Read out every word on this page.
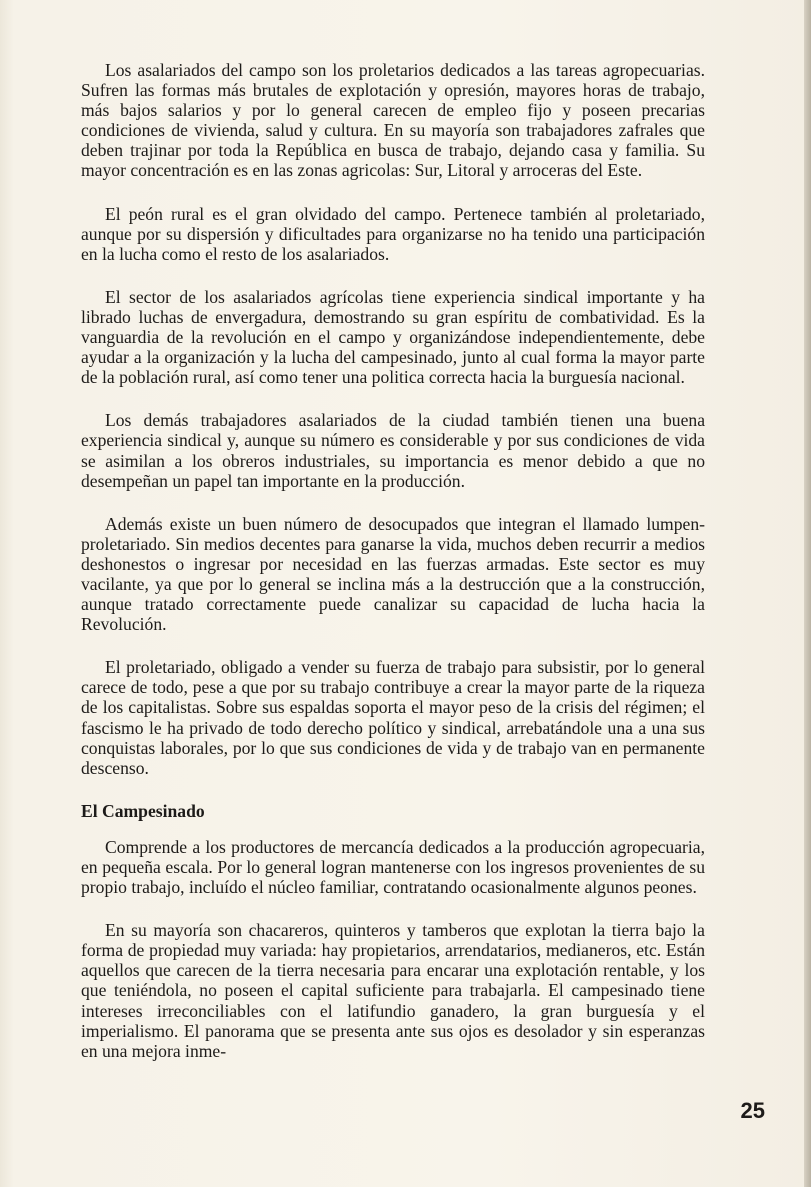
Los asalariados del campo son los proletarios dedicados a las tareas agropecuarias. Sufren las formas más brutales de explotación y opresión, mayores horas de trabajo, más bajos salarios y por lo general carecen de empleo fijo y poseen precarias condiciones de vivienda, salud y cultura. En su mayoría son trabajadores zafrales que deben trajinar por toda la República en busca de trabajo, dejando casa y familia. Su mayor concentración es en las zonas agricolas: Sur, Litoral y arroceras del Este.

El peón rural es el gran olvidado del campo. Pertenece también al proletariado, aunque por su dispersión y dificultades para organizarse no ha tenido una participación en la lucha como el resto de los asalariados.

El sector de los asalariados agrícolas tiene experiencia sindical importante y ha librado luchas de envergadura, demostrando su gran espíritu de combatividad. Es la vanguardia de la revolución en el campo y organizándose independientemente, debe ayudar a la organización y la lucha del campesinado, junto al cual forma la mayor parte de la población rural, así como tener una politica correcta hacia la burguesía nacional.

Los demás trabajadores asalariados de la ciudad también tienen una buena experiencia sindical y, aunque su número es considerable y por sus condiciones de vida se asimilan a los obreros industriales, su importancia es menor debido a que no desempeñan un papel tan importante en la producción.

Además existe un buen número de desocupados que integran el llamado lumpen-proletariado. Sin medios decentes para ganarse la vida, muchos deben recurrir a medios deshonestos o ingresar por necesidad en las fuerzas armadas. Este sector es muy vacilante, ya que por lo general se inclina más a la destrucción que a la construcción, aunque tratado correctamente puede canalizar su capacidad de lucha hacia la Revolución.

El proletariado, obligado a vender su fuerza de trabajo para subsistir, por lo general carece de todo, pese a que por su trabajo contribuye a crear la mayor parte de la riqueza de los capitalistas. Sobre sus espaldas soporta el mayor peso de la crisis del régimen; el fascismo le ha privado de todo derecho político y sindical, arrebatándole una a una sus conquistas laborales, por lo que sus condiciones de vida y de trabajo van en permanente descenso.

El Campesinado

Comprende a los productores de mercancía dedicados a la producción agropecuaria, en pequeña escala. Por lo general logran mantenerse con los ingresos provenientes de su propio trabajo, incluído el núcleo familiar, contratando ocasionalmente algunos peones.

En su mayoría son chacareros, quinteros y tamberos que explotan la tierra bajo la forma de propiedad muy variada: hay propietarios, arrendatarios, medianeros, etc. Están aquellos que carecen de la tierra necesaria para encarar una explotación rentable, y los que teniéndola, no poseen el capital suficiente para trabajarla. El campesinado tiene intereses irreconciliables con el latifundio ganadero, la gran burguesía y el imperialismo. El panorama que se presenta ante sus ojos es desolador y sin esperanzas en una mejora inme-

25
